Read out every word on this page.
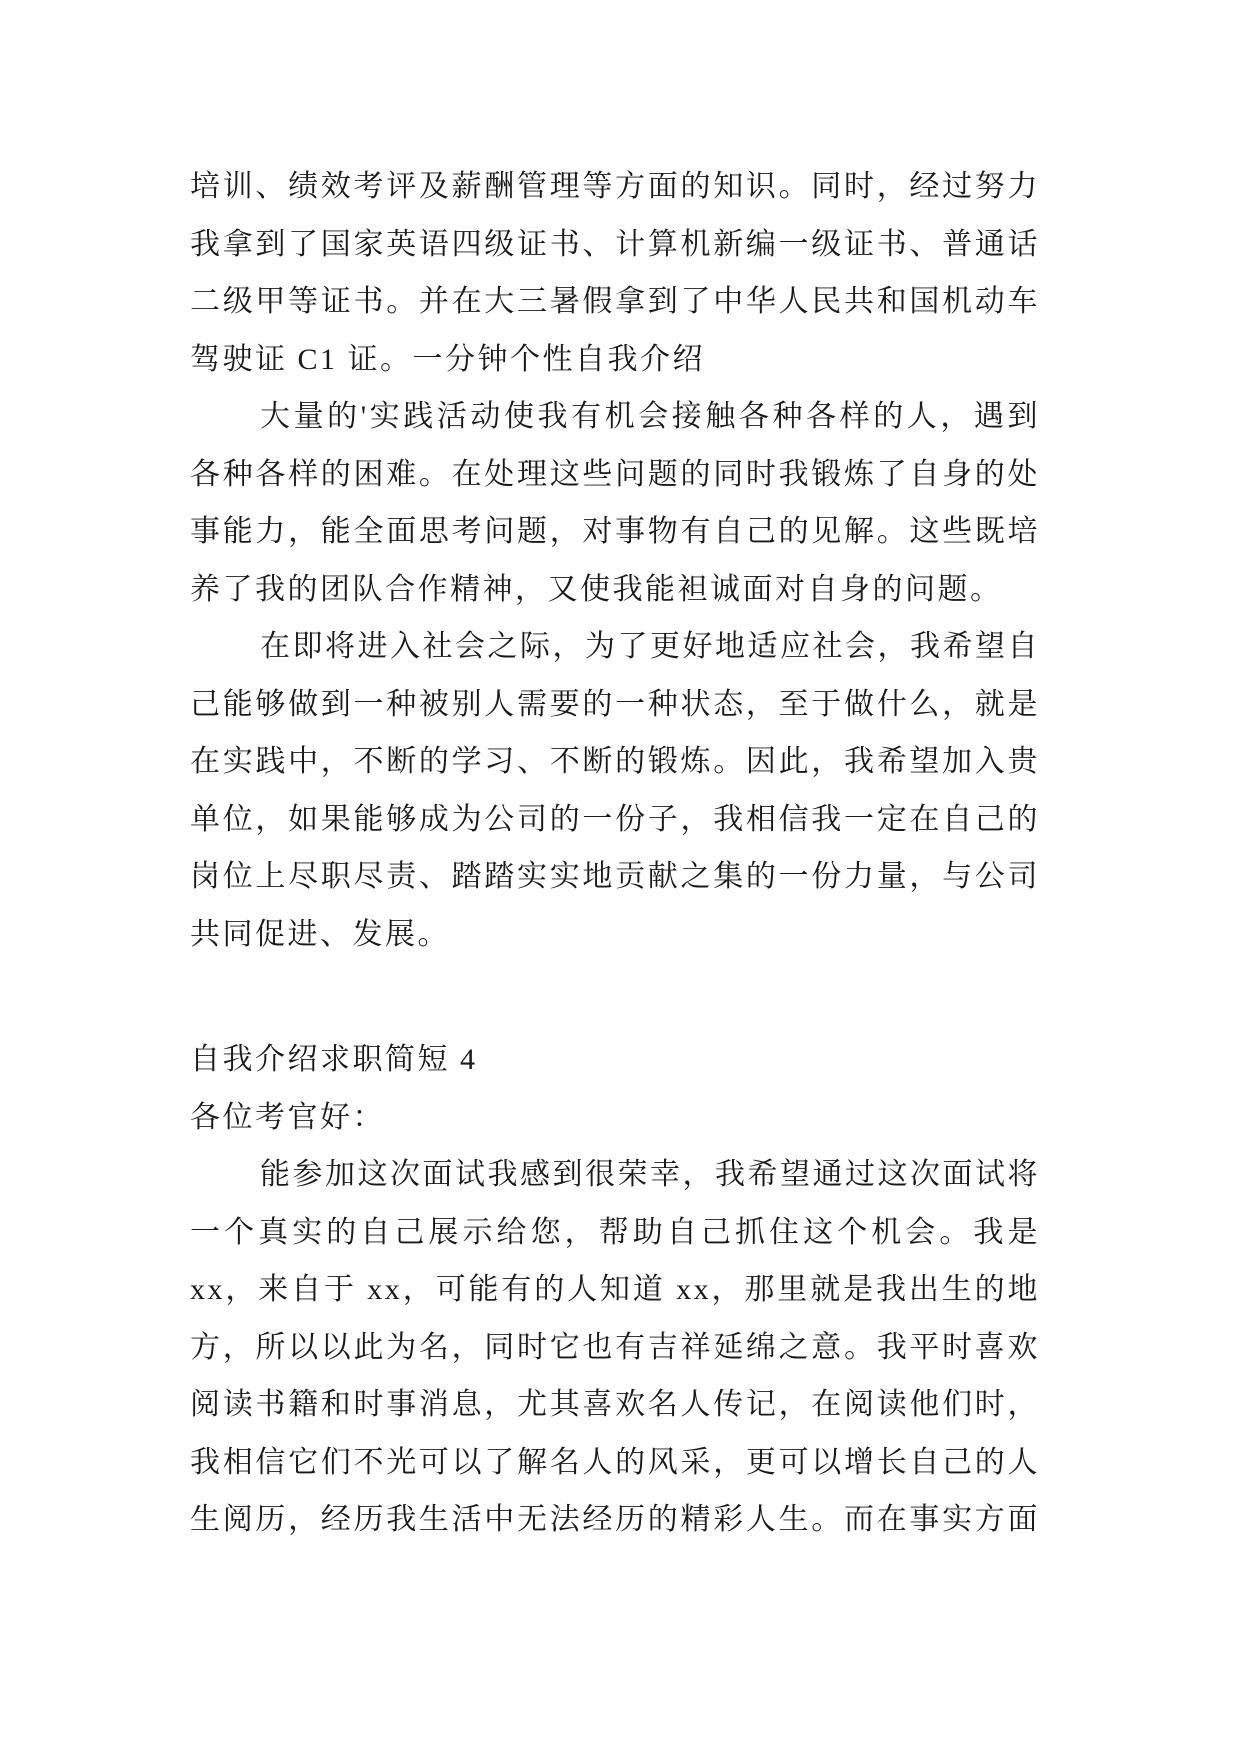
培训、绩效考评及薪酬管理等方面的知识。同时，经过努力
我拿到了国家英语四级证书、计算机新编一级证书、普通话
二级甲等证书。并在大三暑假拿到了中华人民共和国机动车
驾驶证 C1 证。一分钟个性自我介绍
大量的'实践活动使我有机会接触各种各样的人，遇到
各种各样的困难。在处理这些问题的同时我锻炼了自身的处
事能力，能全面思考问题，对事物有自己的见解。这些既培
养了我的团队合作精神，又使我能袒诚面对自身的问题。
在即将进入社会之际，为了更好地适应社会，我希望自
己能够做到一种被别人需要的一种状态，至于做什么，就是
在实践中，不断的学习、不断的锻炼。因此，我希望加入贵
单位，如果能够成为公司的一份子，我相信我一定在自己的
岗位上尽职尽责、踏踏实实地贡献之集的一份力量，与公司
共同促进、发展。
自我介绍求职简短 4
各位考官好：
能参加这次面试我感到很荣幸，我希望通过这次面试将
一个真实的自己展示给您，帮助自己抓住这个机会。我是
xx，来自于 xx，可能有的人知道 xx，那里就是我出生的地
方，所以以此为名，同时它也有吉祥延绵之意。我平时喜欢
阅读书籍和时事消息，尤其喜欢名人传记，在阅读他们时，
我相信它们不光可以了解名人的风采，更可以增长自己的人
生阅历，经历我生活中无法经历的精彩人生。而在事实方面
